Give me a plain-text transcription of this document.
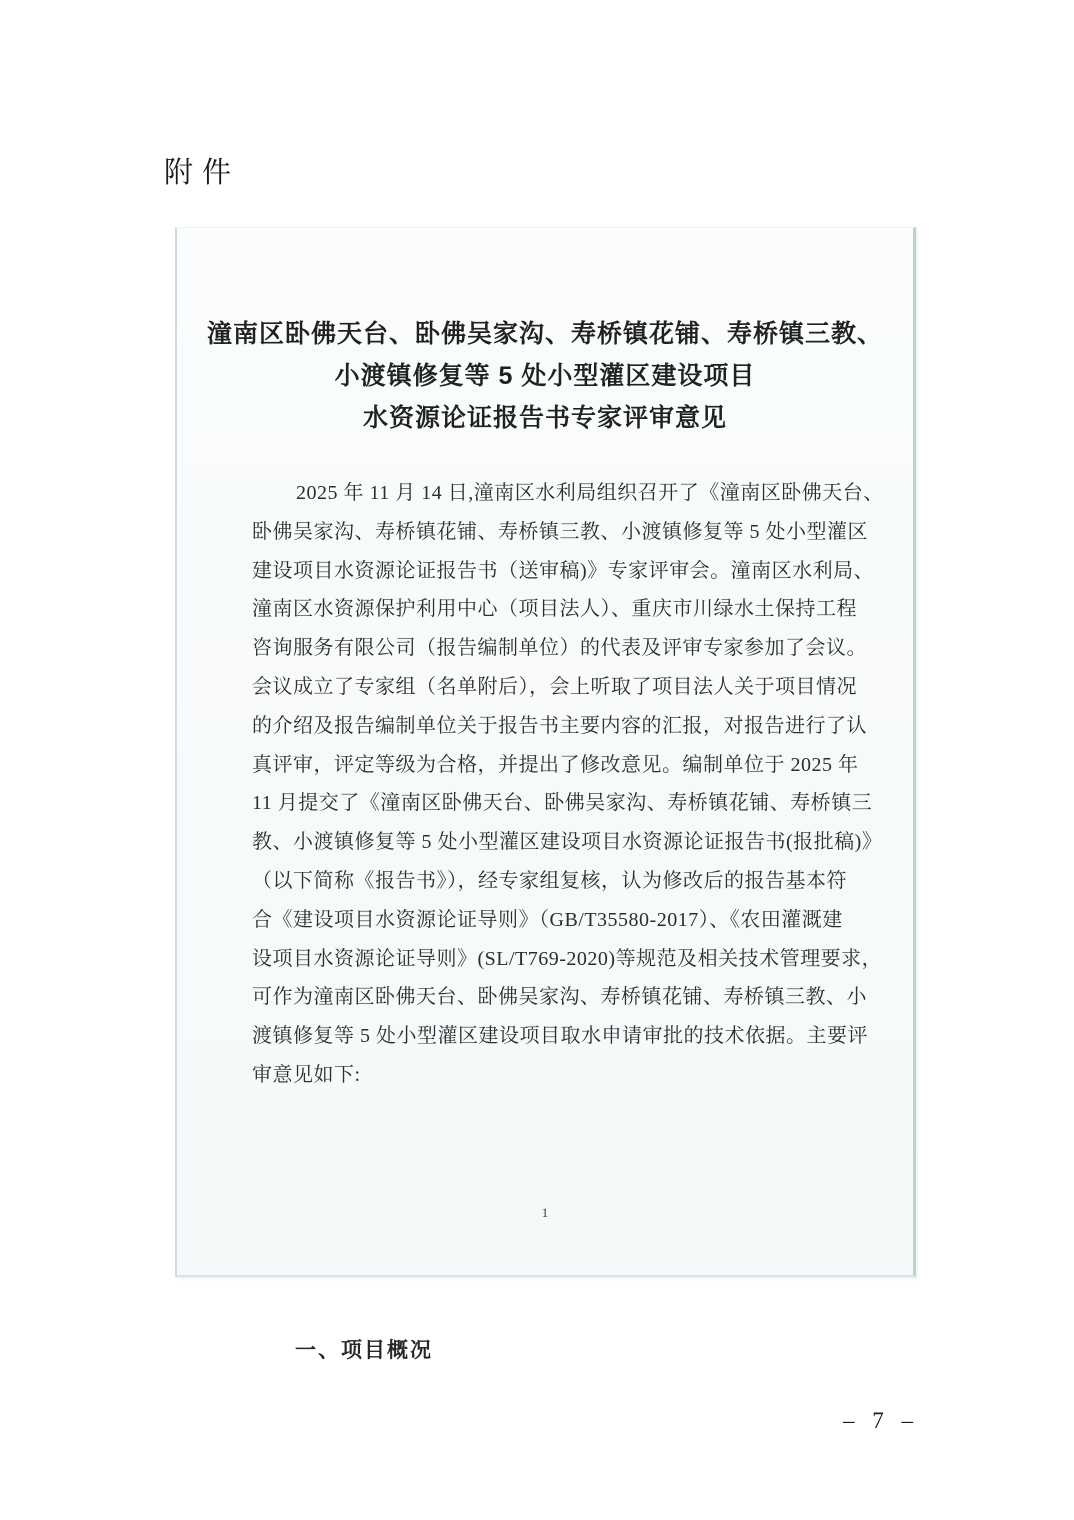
附件
潼南区卧佛天台、卧佛吴家沟、寿桥镇花铺、寿桥镇三教、
小渡镇修复等 5 处小型灌区建设项目
水资源论证报告书专家评审意见
2025 年 11 月 14 日,潼南区水利局组织召开了《潼南区卧佛天台、
卧佛吴家沟、寿桥镇花铺、寿桥镇三教、小渡镇修复等 5 处小型灌区
建设项目水资源论证报告书（送审稿)》专家评审会。潼南区水利局、
潼南区水资源保护利用中心（项目法人）、重庆市川绿水土保持工程
咨询服务有限公司（报告编制单位）的代表及评审专家参加了会议。
会议成立了专家组（名单附后），会上听取了项目法人关于项目情况
的介绍及报告编制单位关于报告书主要内容的汇报，对报告进行了认
真评审，评定等级为合格，并提出了修改意见。编制单位于 2025 年
11 月提交了《潼南区卧佛天台、卧佛吴家沟、寿桥镇花铺、寿桥镇三
教、小渡镇修复等 5 处小型灌区建设项目水资源论证报告书(报批稿)》
（以下简称《报告书》），经专家组复核，认为修改后的报告基本符
合《建设项目水资源论证导则》（GB/T35580-2017）、《农田灌溉建
设项目水资源论证导则》(SL/T769-2020)等规范及相关技术管理要求，
可作为潼南区卧佛天台、卧佛吴家沟、寿桥镇花铺、寿桥镇三教、小
渡镇修复等 5 处小型灌区建设项目取水申请审批的技术依据。主要评
审意见如下:
一、项目概况
1
– 7 –
